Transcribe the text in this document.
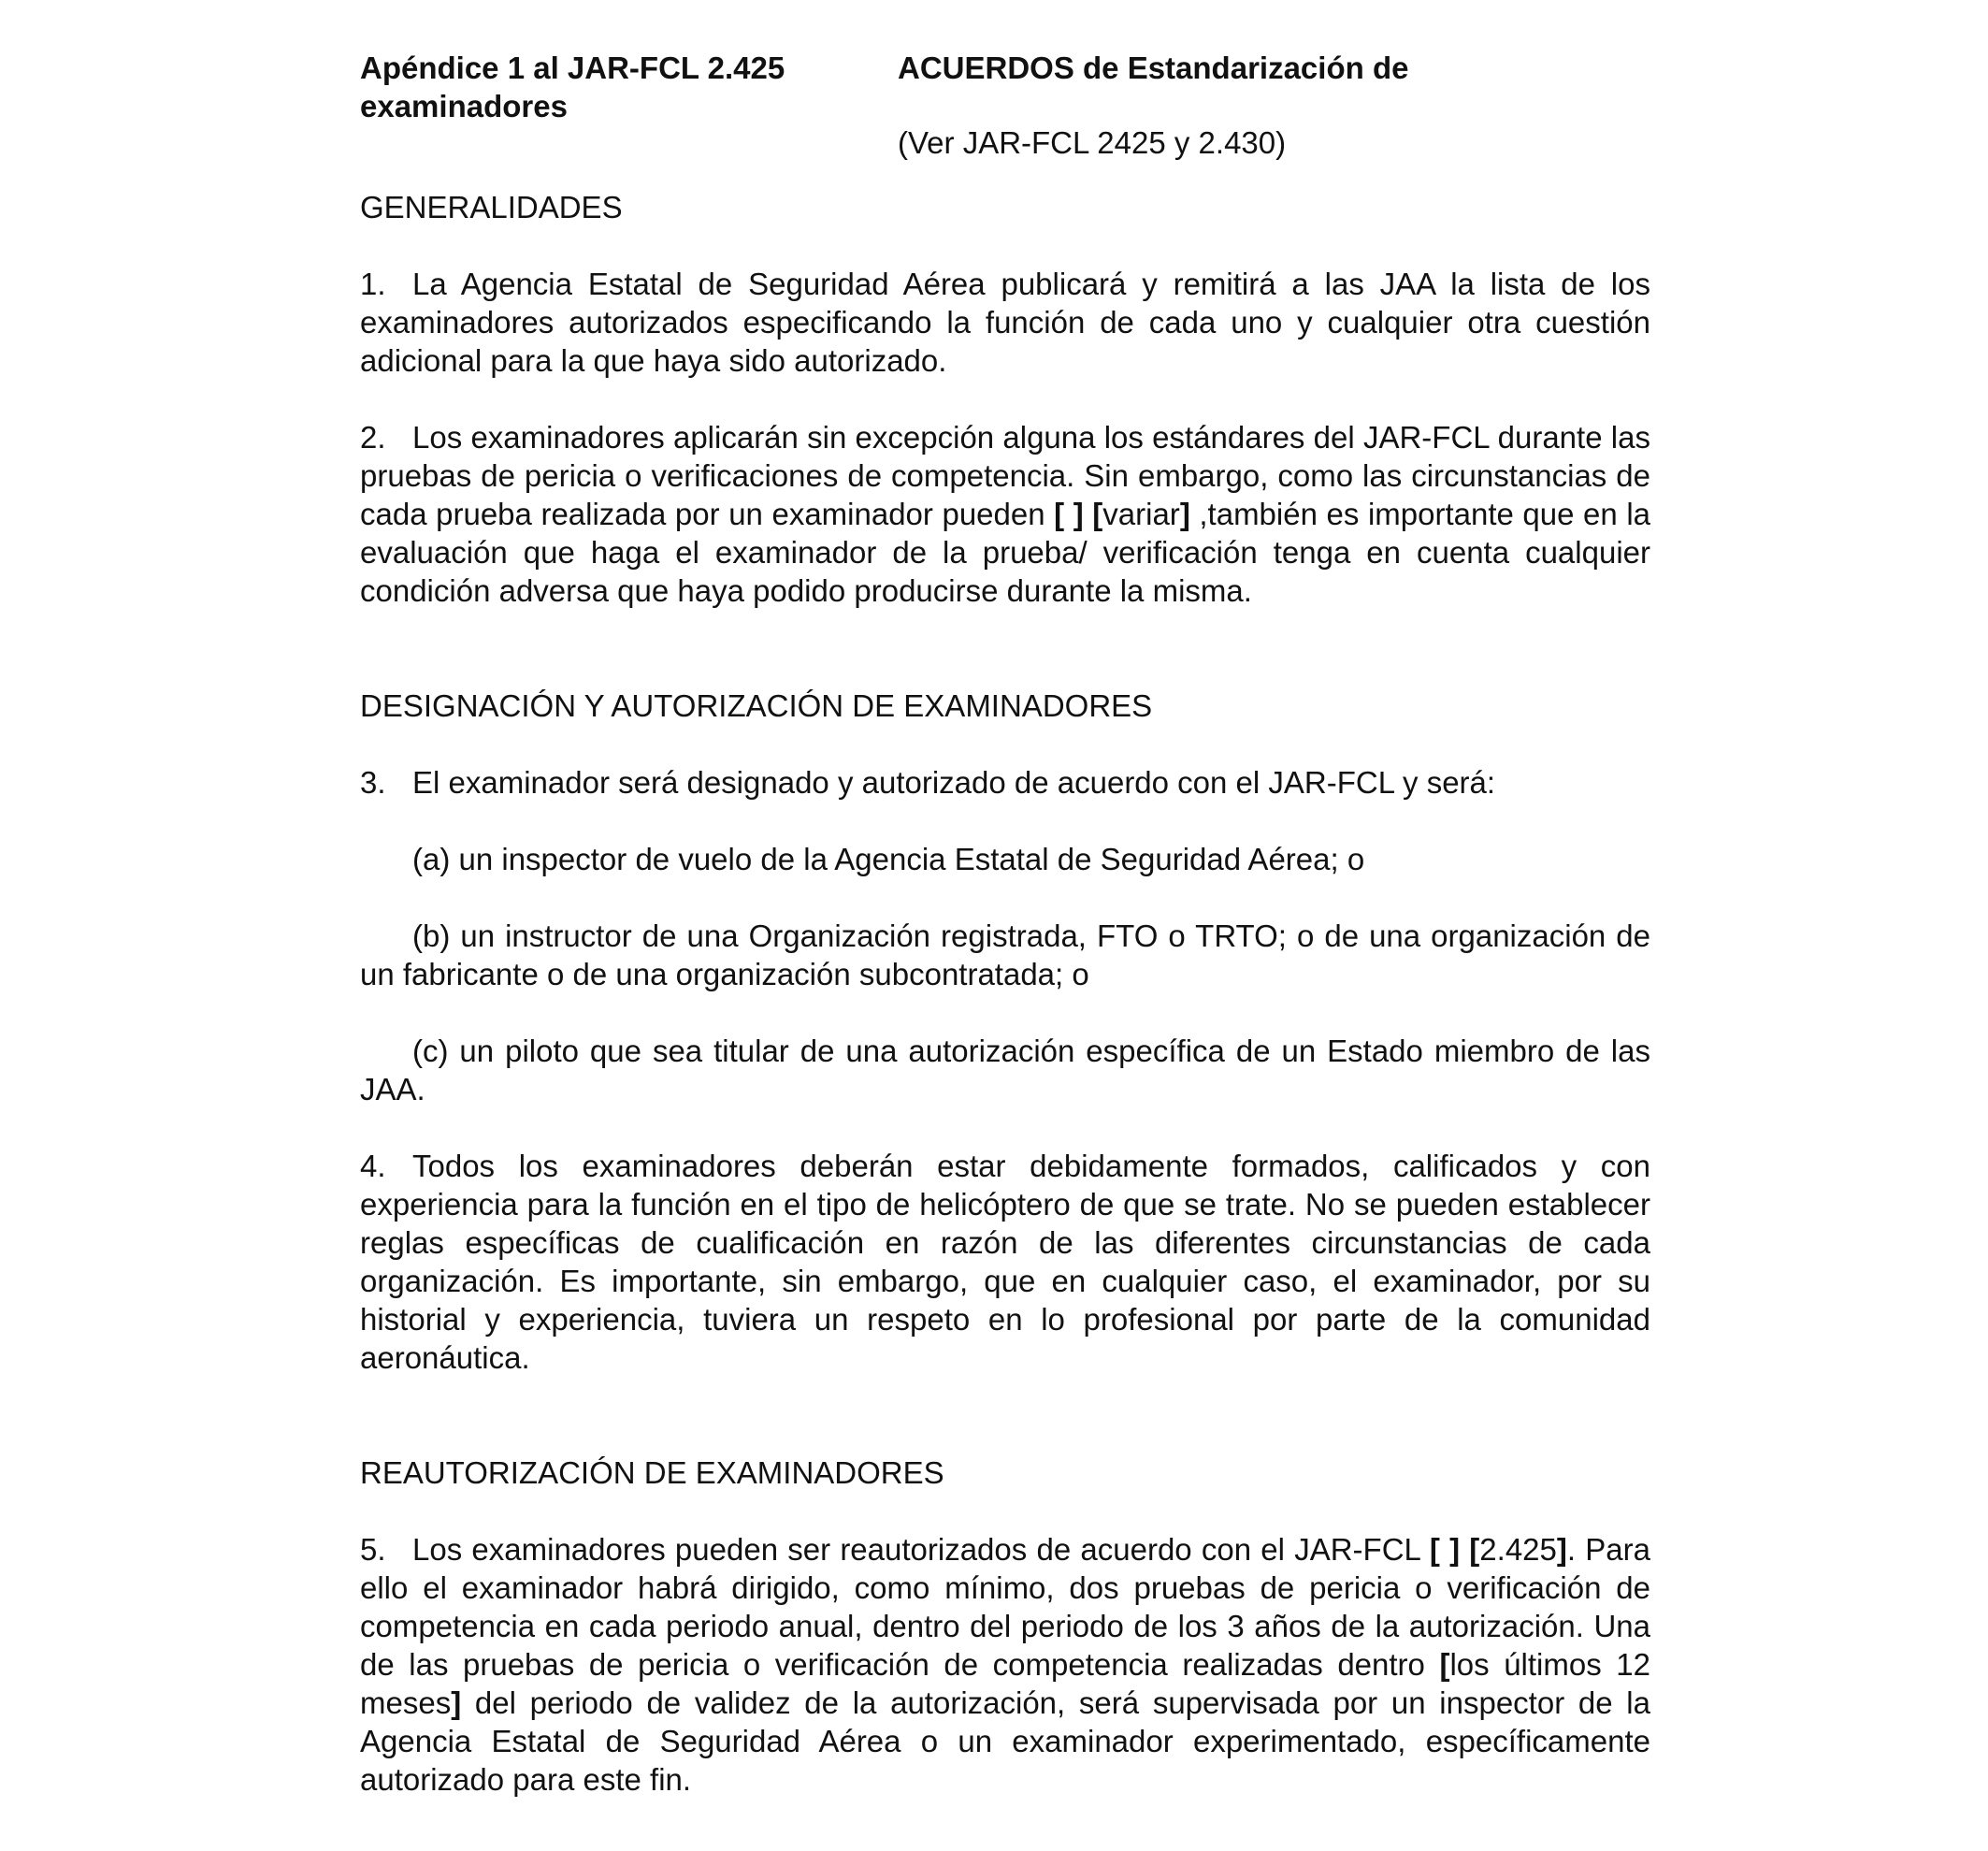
Apéndice 1 al JAR-FCL 2.425 examinadores
ACUERDOS de Estandarización de
(Ver JAR-FCL 2425 y 2.430)
GENERALIDADES

1. La Agencia Estatal de Seguridad Aérea publicará y remitirá a las JAA la lista de los examinadores autorizados especificando la función de cada uno y cualquier otra cuestión adicional para la que haya sido autorizado.

2. Los examinadores aplicarán sin excepción alguna los estándares del JAR-FCL durante las pruebas de pericia o verificaciones de competencia. Sin embargo, como las circunstancias de cada prueba realizada por un examinador pueden [ ] [variar] ,también es importante que en la evaluación que haga el examinador de la prueba/ verificación tenga en cuenta cualquier condición adversa que haya podido producirse durante la misma.

DESIGNACIÓN Y AUTORIZACIÓN DE EXAMINADORES

3. El examinador será designado y autorizado de acuerdo con el JAR-FCL y será:

(a) un inspector de vuelo de la Agencia Estatal de Seguridad Aérea; o

(b) un instructor de una Organización registrada, FTO o TRTO; o de una organización de un fabricante o de una organización subcontratada; o

(c) un piloto que sea titular de una autorización específica de un Estado miembro de las JAA.

4. Todos los examinadores deberán estar debidamente formados, calificados y con experiencia para la función en el tipo de helicóptero de que se trate. No se pueden establecer reglas específicas de cualificación en razón de las diferentes circunstancias de cada organización. Es importante, sin embargo, que en cualquier caso, el examinador, por su historial y experiencia, tuviera un respeto en lo profesional por parte de la comunidad aeronáutica.

REAUTORIZACIÓN DE EXAMINADORES

5. Los examinadores pueden ser reautorizados de acuerdo con el JAR-FCL [ ] [2.425]. Para ello el examinador habrá dirigido, como mínimo, dos pruebas de pericia o verificación de competencia en cada periodo anual, dentro del periodo de los 3 años de la autorización. Una de las pruebas de pericia o verificación de competencia realizadas dentro [los últimos 12 meses] del periodo de validez de la autorización, será supervisada por un inspector de la Agencia Estatal de Seguridad Aérea o un examinador experimentado, específicamente autorizado para este fin.
